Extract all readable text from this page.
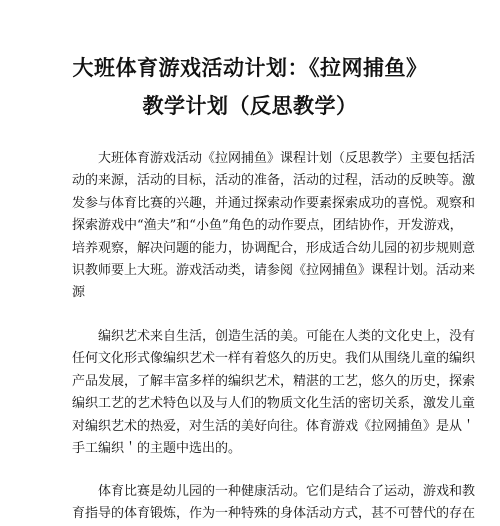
大班体育游戏活动计划：《拉网捕鱼》
教学计划（反思教学）
大班体育游戏活动《拉网捕鱼》课程计划（反思教学）主要包括活
动的来源，活动的目标，活动的准备，活动的过程，活动的反映等。激
发参与体育比赛的兴趣，并通过探索动作要素探索成功的喜悦。观察和
探索游戏中“渔夫”和“小鱼”角色的动作要点，团结协作，开发游戏，
培养观察，解决问题的能力，协调配合，形成适合幼儿园的初步规则意
识教师要上大班。游戏活动类，请参阅《拉网捕鱼》课程计划。活动来
源
编织艺术来自生活，创造生活的美。可能在人类的文化史上，没有
任何文化形式像编织艺术一样有着悠久的历史。我们从围绕儿童的编织
产品发展，了解丰富多样的编织艺术，精湛的工艺，悠久的历史，探索
编织工艺的艺术特色以及与人们的物质文化生活的密切关系，激发儿童
对编织艺术的热爱，对生活的美好向往。体育游戏《拉网捕鱼》是从＇
手工编织＇的主题中选出的。
体育比赛是幼儿园的一种健康活动。它们是结合了运动，游戏和教
育指导的体育锻炼，作为一种特殊的身体活动方式，甚不可替代的存在
